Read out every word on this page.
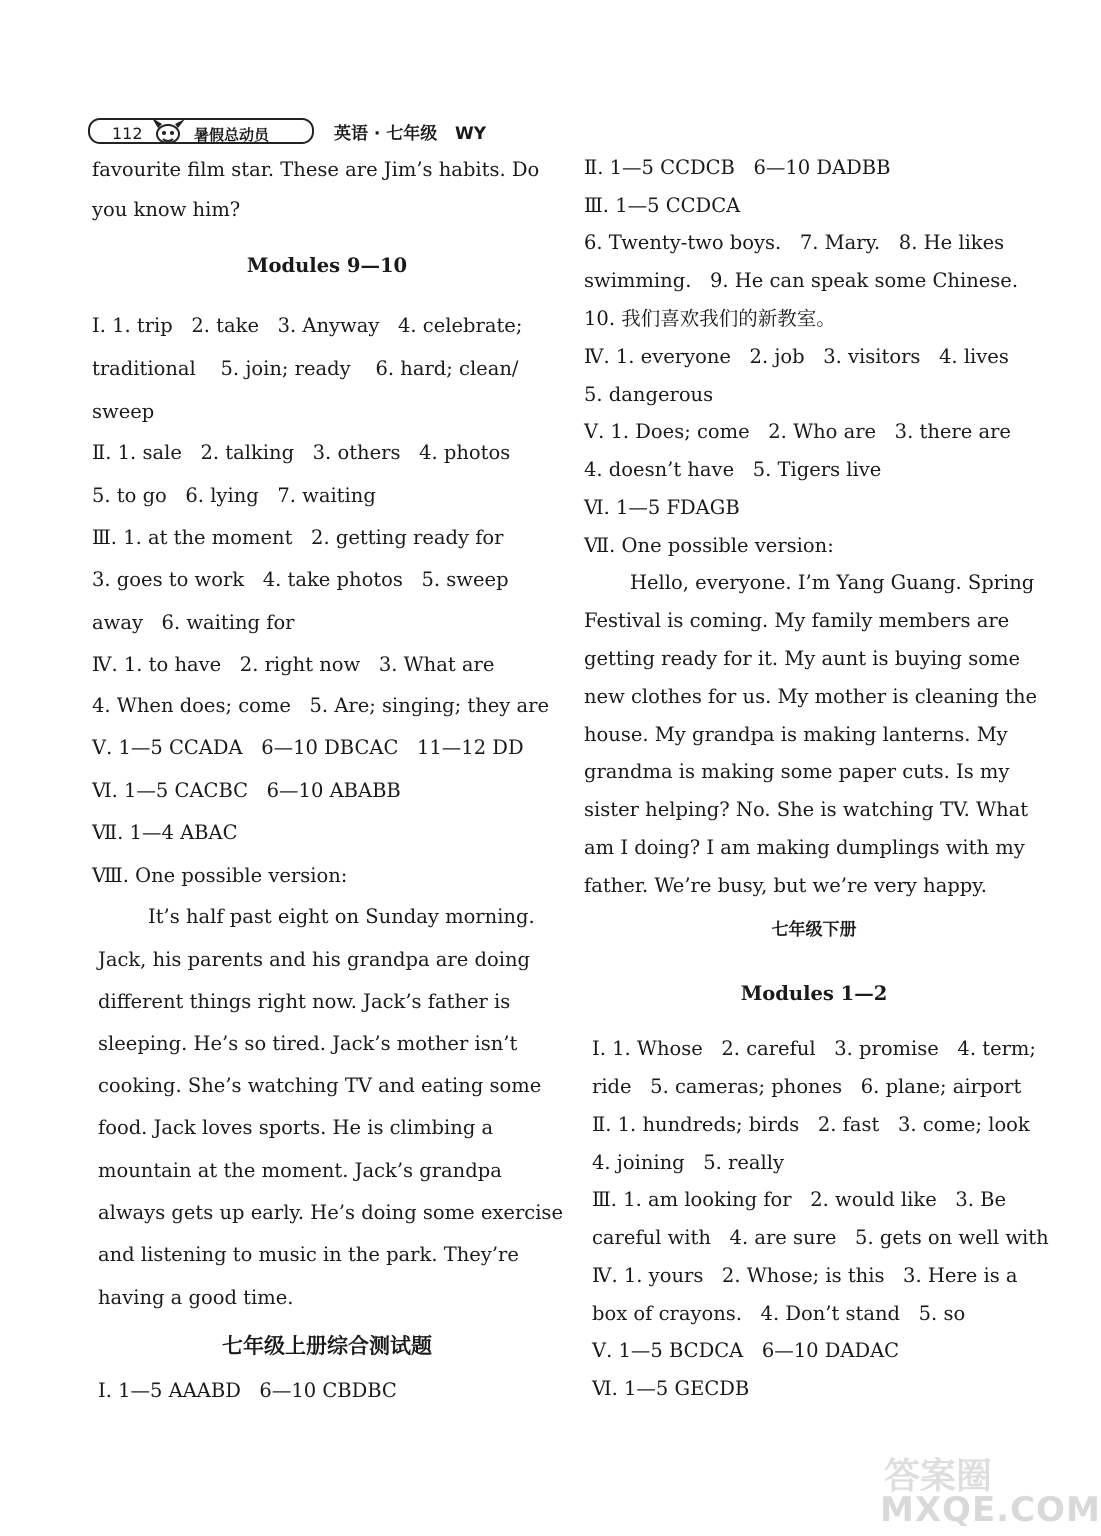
112	暑假总动员	英语 · 七年级   WY

favourite film star. These are Jim’s habits. Do

you know him?

Modules 9—10

Ⅰ. 1. trip   2. take   3. Anyway   4. celebrate;

traditional    5. join; ready    6. hard; clean/

sweep

Ⅱ. 1. sale   2. talking   3. others   4. photos

5. to go   6. lying   7. waiting

Ⅲ. 1. at the moment   2. getting ready for

3. goes to work   4. take photos   5. sweep

away   6. waiting for

Ⅳ. 1. to have   2. right now   3. What are

4. When does; come   5. Are; singing; they are

Ⅴ. 1—5 CCADA   6—10 DBCAC   11—12 DD

Ⅵ. 1—5 CACBC   6—10 ABABB

Ⅶ. 1—4 ABAC

Ⅷ. One possible version:

It’s half past eight on Sunday morning.

Jack, his parents and his grandpa are doing

different things right now. Jack’s father is

sleeping. He’s so tired. Jack’s mother isn’t

cooking. She’s watching TV and eating some

food. Jack loves sports. He is climbing a

mountain at the moment. Jack’s grandpa

always gets up early. He’s doing some exercise

and listening to music in the park. They’re

having a good time.

七年级上册综合测试题

Ⅰ. 1—5 AAABD   6—10 CBDBC

Ⅱ. 1—5 CCDCB   6—10 DADBB

Ⅲ. 1—5 CCDCA

6. Twenty-two boys.   7. Mary.   8. He likes

swimming.   9. He can speak some Chinese.

10. 我们喜欢我们的新教室。

Ⅳ. 1. everyone   2. job   3. visitors   4. lives

5. dangerous

Ⅴ. 1. Does; come   2. Who are   3. there are

4. doesn’t have   5. Tigers live

Ⅵ. 1—5 FDAGB

Ⅶ. One possible version:

Hello, everyone. I’m Yang Guang. Spring

Festival is coming. My family members are

getting ready for it. My aunt is buying some

new clothes for us. My mother is cleaning the

house. My grandpa is making lanterns. My

grandma is making some paper cuts. Is my

sister helping? No. She is watching TV. What

am I doing? I am making dumplings with my

father. We’re busy, but we’re very happy.

七年级下册

Modules 1—2

Ⅰ. 1. Whose   2. careful   3. promise   4. term;

ride   5. cameras; phones   6. plane; airport

Ⅱ. 1. hundreds; birds   2. fast   3. come; look

4. joining   5. really

Ⅲ. 1. am looking for   2. would like   3. Be

careful with   4. are sure   5. gets on well with

Ⅳ. 1. yours   2. Whose; is this   3. Here is a

box of crayons.   4. Don’t stand   5. so

Ⅴ. 1—5 BCDCA   6—10 DADAC

Ⅵ. 1—5 GECDB

答案圈
MXQE.COM
